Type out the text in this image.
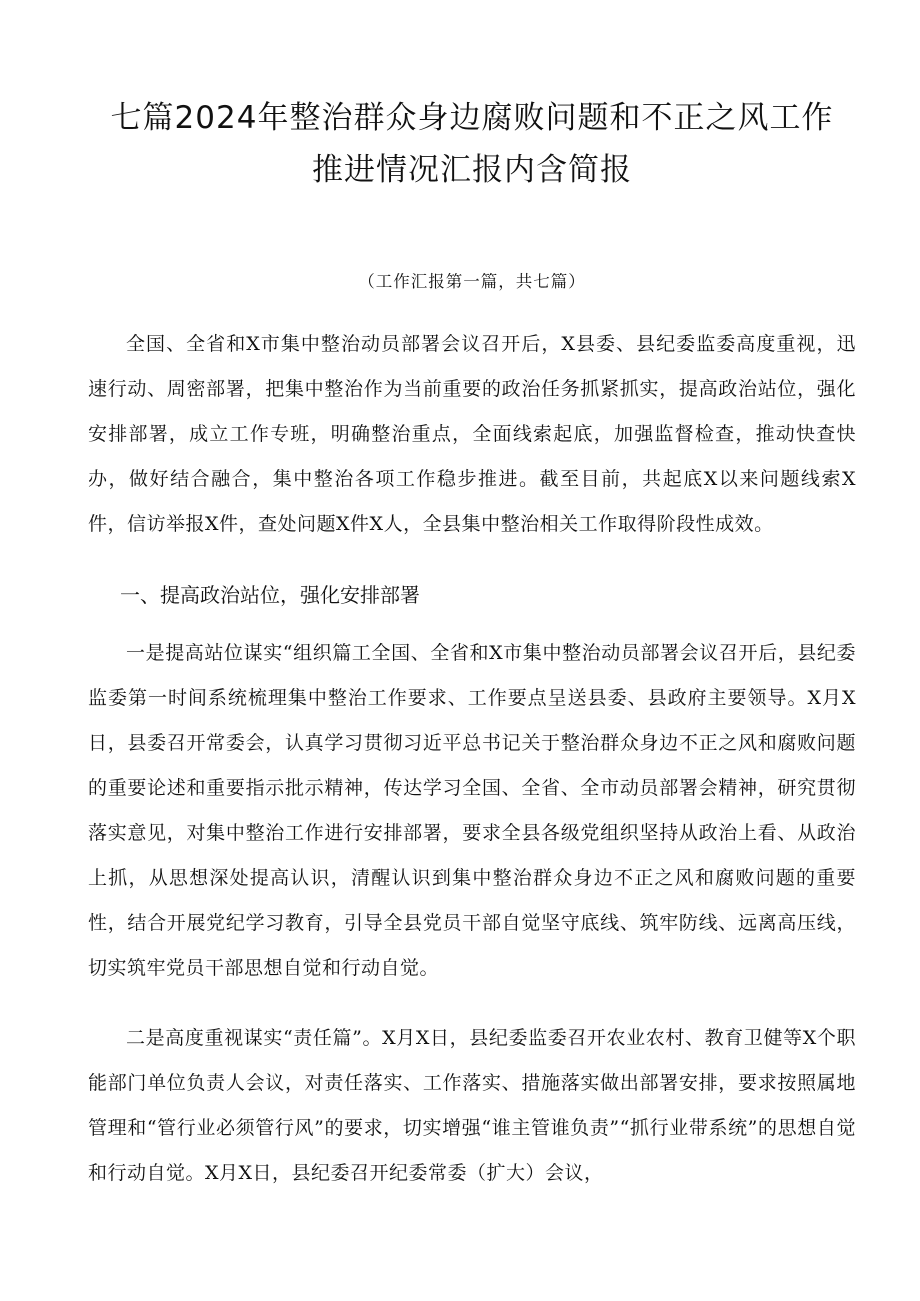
七篇2024年整治群众身边腐败问题和不正之风工作
推进情况汇报内含简报

（工作汇报第一篇，共七篇）

全国、全省和X市集中整治动员部署会议召开后，X县委、县纪委监委高度重视，迅速行动、周密部署，把集中整治作为当前重要的政治任务抓紧抓实，提高政治站位，强化安排部署，成立工作专班，明确整治重点，全面线索起底，加强监督检查，推动快查快办，做好结合融合，集中整治各项工作稳步推进。截至目前，共起底X以来问题线索X件，信访举报X件，查处问题X件X人，全县集中整治相关工作取得阶段性成效。

一、提高政治站位，强化安排部署

一是提高站位谋实“组织篇工全国、全省和X市集中整治动员部署会议召开后，县纪委监委第一时间系统梳理集中整治工作要求、工作要点呈送县委、县政府主要领导。X月X日，县委召开常委会，认真学习贯彻习近平总书记关于整治群众身边不正之风和腐败问题的重要论述和重要指示批示精神，传达学习全国、全省、全市动员部署会精神，研究贯彻落实意见，对集中整治工作进行安排部署，要求全县各级党组织坚持从政治上看、从政治上抓，从思想深处提高认识，清醒认识到集中整治群众身边不正之风和腐败问题的重要性，结合开展党纪学习教育，引导全县党员干部自觉坚守底线、筑牢防线、远离高压线，切实筑牢党员干部思想自觉和行动自觉。

二是高度重视谋实“责任篇”。X月X日，县纪委监委召开农业农村、教育卫健等X个职能部门单位负责人会议，对责任落实、工作落实、措施落实做出部署安排，要求按照属地管理和“管行业必须管行风”的要求，切实增强“谁主管谁负责”“抓行业带系统”的思想自觉和行动自觉。X月X日，县纪委召开纪委常委（扩大）会议，
